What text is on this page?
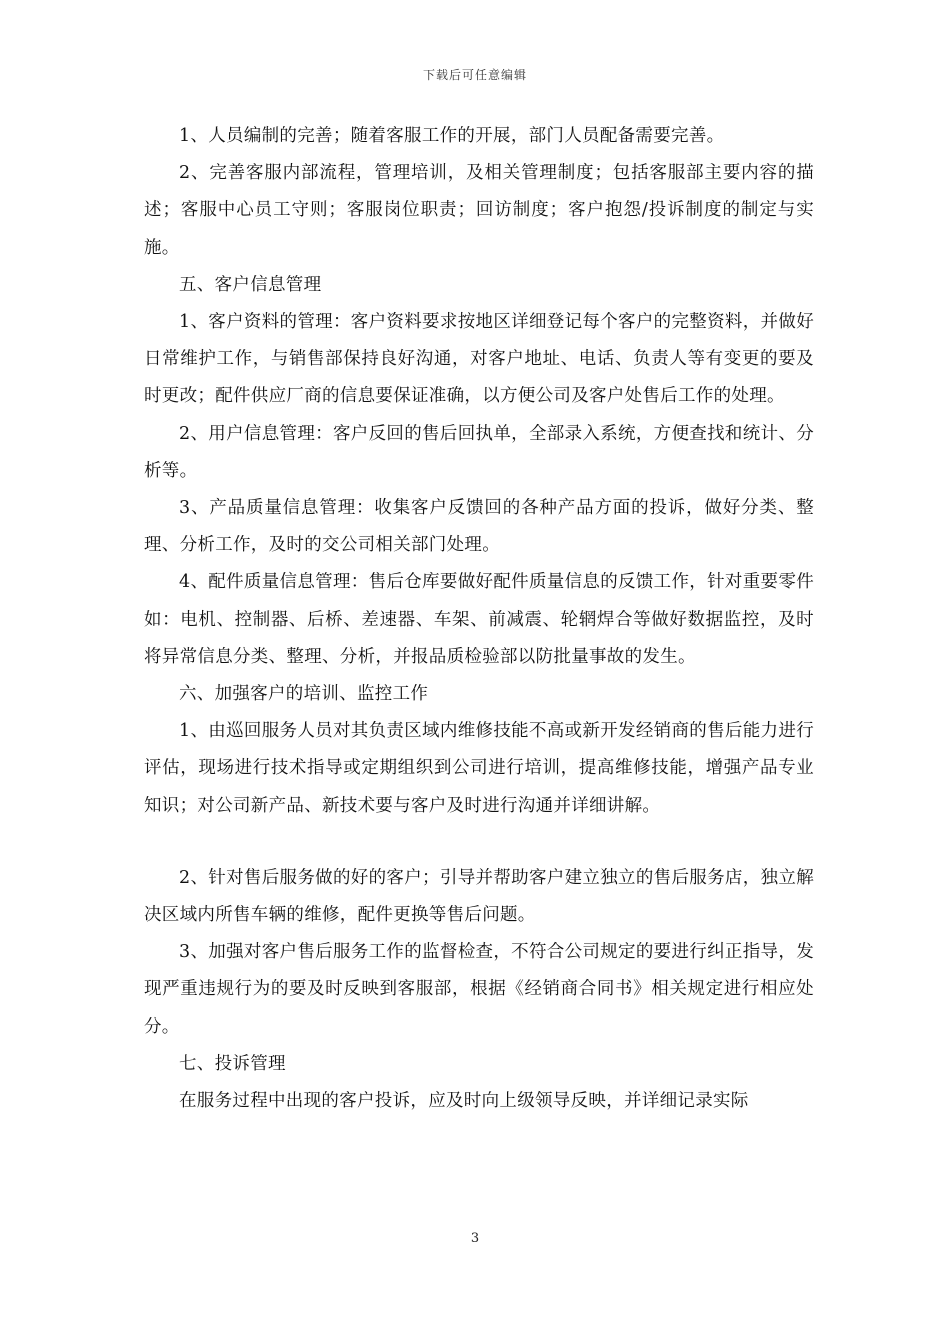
下载后可任意编辑

1、人员编制的完善；随着客服工作的开展，部门人员配备需要完善。

2、完善客服内部流程，管理培训，及相关管理制度；包括客服部主要内容的描述；客服中心员工守则；客服岗位职责；回访制度；客户抱怨/投诉制度的制定与实施。

五、客户信息管理

1、客户资料的管理：客户资料要求按地区详细登记每个客户的完整资料，并做好日常维护工作，与销售部保持良好沟通，对客户地址、电话、负责人等有变更的要及时更改；配件供应厂商的信息要保证准确，以方便公司及客户处售后工作的处理。

2、用户信息管理：客户反回的售后回执单，全部录入系统，方便查找和统计、分析等。

3、产品质量信息管理：收集客户反馈回的各种产品方面的投诉，做好分类、整理、分析工作，及时的交公司相关部门处理。

4、配件质量信息管理：售后仓库要做好配件质量信息的反馈工作，针对重要零件如：电机、控制器、后桥、差速器、车架、前减震、轮辋焊合等做好数据监控，及时将异常信息分类、整理、分析，并报品质检验部以防批量事故的发生。

六、加强客户的培训、监控工作

1、由巡回服务人员对其负责区域内维修技能不高或新开发经销商的售后能力进行评估，现场进行技术指导或定期组织到公司进行培训，提高维修技能，增强产品专业知识；对公司新产品、新技术要与客户及时进行沟通并详细讲解。

2、针对售后服务做的好的客户；引导并帮助客户建立独立的售后服务店，独立解决区域内所售车辆的维修，配件更换等售后问题。

3、加强对客户售后服务工作的监督检查，不符合公司规定的要进行纠正指导，发现严重违规行为的要及时反映到客服部，根据《经销商合同书》相关规定进行相应处分。

七、投诉管理

在服务过程中出现的客户投诉，应及时向上级领导反映，并详细记录实际

3
